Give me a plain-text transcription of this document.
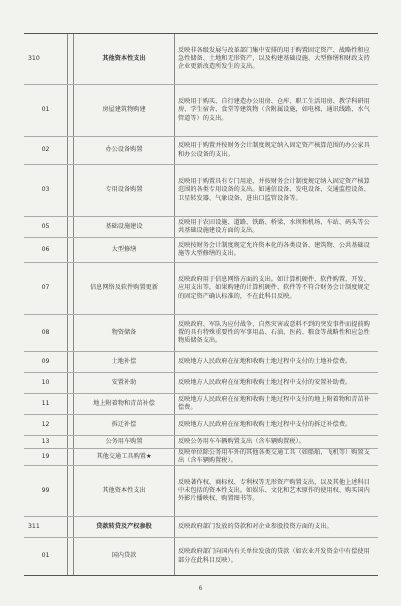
310	其他资本性支出
反映非各级发展与改革部门集中安排的用于购置固定资产、战略性和应急性储备、土地和无形资产，以及构建基础设施、大型修缮和财政支持企业更新改造所发生的支出。
01	房屋建筑物购建
反映用于购买、自行建造办公用房、仓库、职工生活用房、教学科研用房、学生宿舍、食堂等建筑物（含附属设施，如电梯、通讯线路、水气管道等）的支出。
02	办公设备购置
反映用于购置并按财务会计制度规定纳入固定资产核算范围的办公家具和办公设备的支出。
03	专用设备购置
反映用于购置具有专门用途、并按财务会计制度规定纳入固定资产核算范围的各类专用设备的支出。如通信设备、发电设备、交通监控设备、卫星转发器、气象设备、进出口监管设备等。
05	基础设施建设
反映用于农田设施、道路、铁路、桥梁、水坝和机场、车站、码头等公共基础设施建设方面的支出。
06	大型修缮
反映按财务会计制度规定允许资本化的各类设备、建筑物、公共基础设施等大型修缮的支出。
07	信息网络及软件购置更新
反映政府用于信息网络方面的支出。如计算机硬件、软件购置、开发、应用支出等，如果购建的计算机硬件、软件等不符合财务会计制度规定的固定资产确认标准的，不在此科目反映。
08	物资储备
反映政府、军队为应付战争、自然灾害或意料不到的突发事件而提前购置的具有特殊重要性的军事用品、石油、医药、粮食等战略性和应急性物质储备支出。
09	土地补偿	反映地方人民政府在征地和收购土地过程中支付的土地补偿费。
10	安置补助	反映地方人民政府在征地和收购土地过程中支付的安置补助费。
11	地上附着物和青苗补偿
反映地方人民政府在征地和收购土地过程中支付的地上附着物和青苗补偿费。
12	拆迁补偿	反映地方人民政府在征地和收购土地过程中支付的拆迁补偿费。
13	公务用车购置	反映公务用车车辆购置支出（含车辆购置税）。
19	其他交通工具购置★
反映单位除公务用车外的其他各类交通工具（如船舶、飞机等）购置支出（含车辆购置税）。
99	其他资本性支出
反映著作权、商标权、专利权等无形资产购置支出，以及其他上述科目中未包括的资本性支出。如娱乐、文化和艺术原作的使用权、购买国内外影片播映权、购置图书等。
311	贷款转贷及产权参股	反映政府部门发放的贷款和对企业参股投资方面的支出。
01	国内贷款
反映政府部门向国内有关单位发放的贷款（如农业开发资金中有偿使用部分在此科目反映）。
6
